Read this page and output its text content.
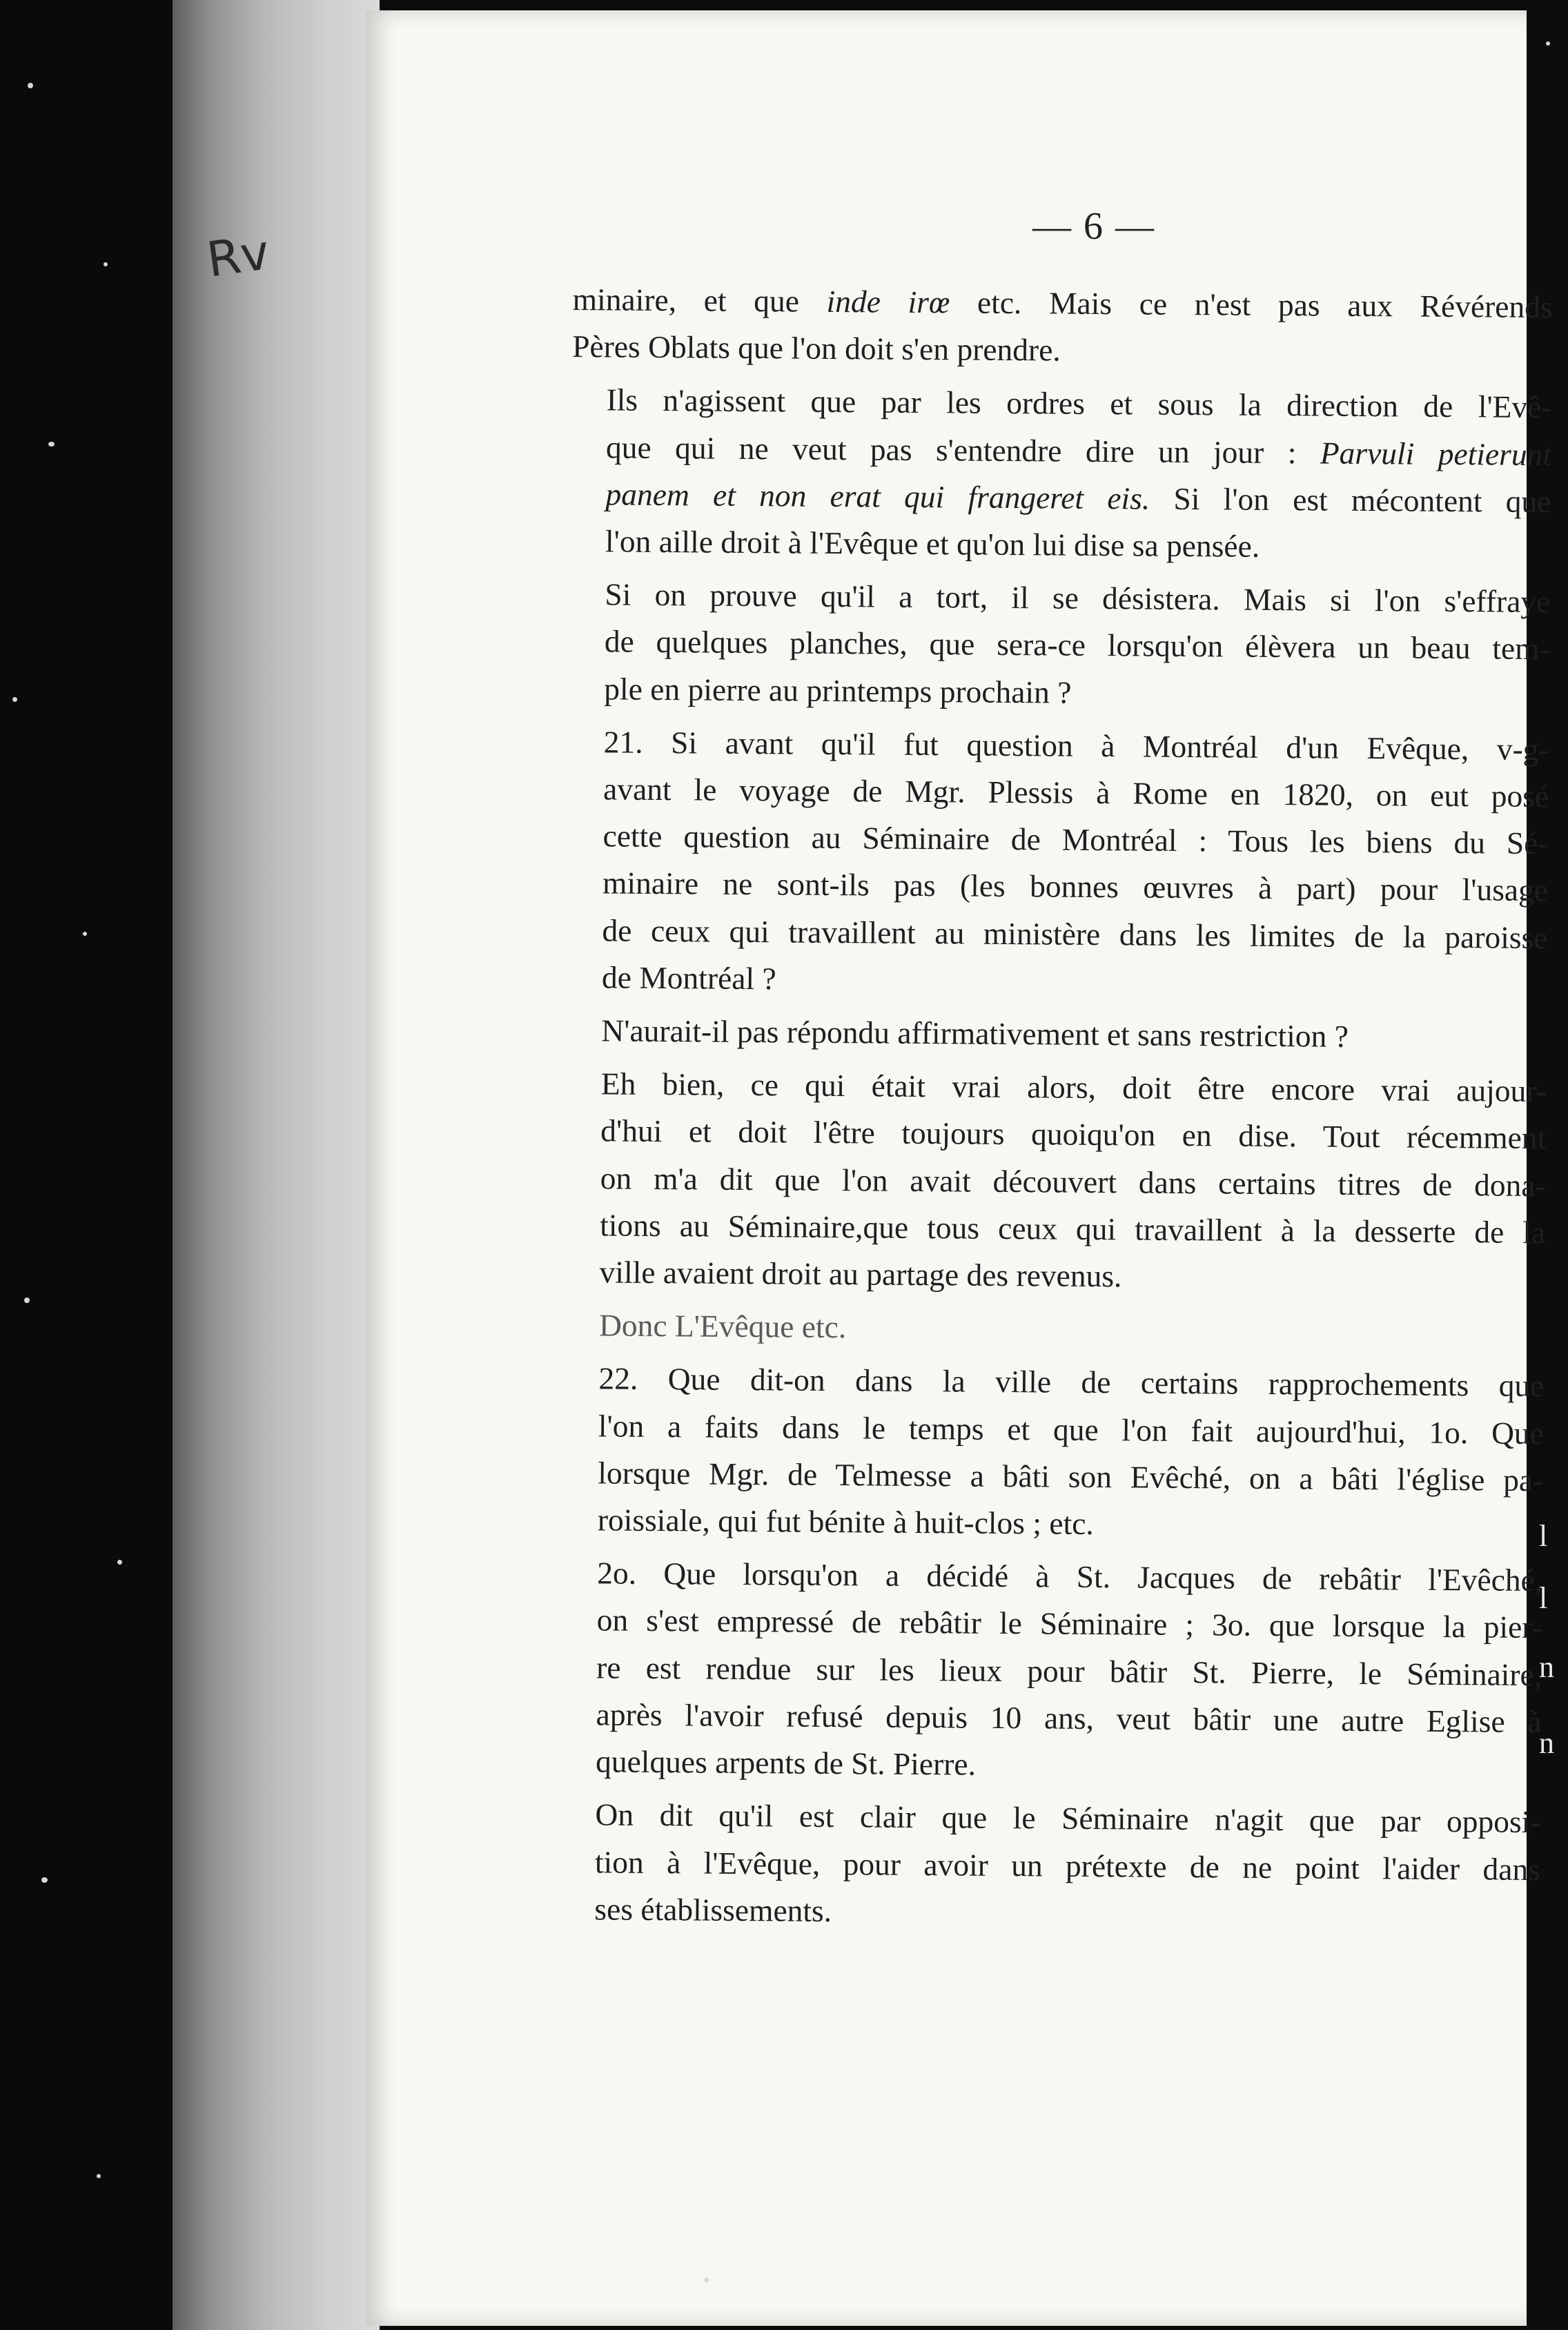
Rv
l
l
n
n
— 6 —
minaire, et que inde irœ etc. Mais ce n'est pas aux Révérends
Pères Oblats que l'on doit s'en prendre.
Ils n'agissent que par les ordres et sous la direction de l'Evê-
que qui ne veut pas s'entendre dire un jour : Parvuli petierunt
panem et non erat qui frangeret eis. Si l'on est mécontent que
l'on aille droit à l'Evêque et qu'on lui dise sa pensée.
Si on prouve qu'il a tort, il se désistera. Mais si l'on s'effraye
de quelques planches, que sera-ce lorsqu'on élèvera un beau tem-
ple en pierre au printemps prochain ?
21. Si avant qu'il fut question à Montréal d'un Evêque, v-g-
avant le voyage de Mgr. Plessis à Rome en 1820, on eut posé
cette question au Séminaire de Montréal : Tous les biens du Sé-
minaire ne sont-ils pas (les bonnes œuvres à part) pour l'usage
de ceux qui travaillent au ministère dans les limites de la paroisse
de Montréal ?
N'aurait-il pas répondu affirmativement et sans restriction ?
Eh bien, ce qui était vrai alors, doit être encore vrai aujour-
d'hui et doit l'être toujours quoiqu'on en dise. Tout récemment
on m'a dit que l'on avait découvert dans certains titres de dona-
tions au Séminaire,que tous ceux qui travaillent à la desserte de la
ville avaient droit au partage des revenus.
Donc L'Evêque etc.
22. Que dit-on dans la ville de certains rapprochements que
l'on a faits dans le temps et que l'on fait aujourd'hui, 1o. Que
lorsque Mgr. de Telmesse a bâti son Evêché, on a bâti l'église pa-
roissiale, qui fut bénite à huit-clos ; etc.
2o. Que lorsqu'on a décidé à St. Jacques de rebâtir l'Evêché,
on s'est empressé de rebâtir le Séminaire ; 3o. que lorsque la pier-
re est rendue sur les lieux pour bâtir St. Pierre, le Séminaire,
après l'avoir refusé depuis 10 ans, veut bâtir une autre Eglise à
quelques arpents de St. Pierre.
On dit qu'il est clair que le Séminaire n'agit que par opposi-
tion à l'Evêque, pour avoir un prétexte de ne point l'aider dans
ses établissements.
